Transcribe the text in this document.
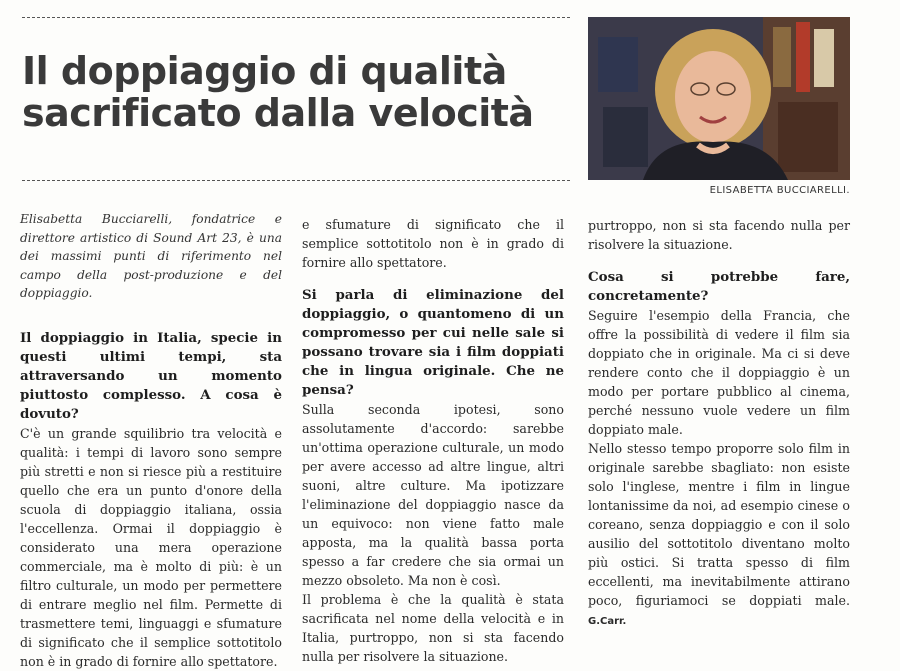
Il doppiaggio di qualità
sacrificato dalla velocità
ELISABETTA BUCCIARELLI.

Elisabetta Bucciarelli, fondatrice e direttore artistico di Sound Art 23, è una dei massimi punti di riferimento nel campo della post-produzione e del doppiaggio.

Il doppiaggio in Italia, specie in questi ultimi tempi, sta attraversando un momento piuttosto complesso. A cosa è dovuto?

C'è un grande squilibrio tra velocità e qualità: i tempi di lavoro sono sempre più stretti e non si riesce più a restituire quello che era un punto d'onore della scuola di doppiaggio italiana, ossia l'eccellenza. Ormai il doppiaggio è considerato una mera operazione commerciale, ma è molto di più: è un filtro culturale, un modo per permettere di entrare meglio nel film. Permette di trasmettere temi, linguaggi e sfumature di significato che il semplice sottotitolo non è in grado di fornire allo spettatore.

e sfumature di significato che il semplice sottotitolo non è in grado di fornire allo spettatore.

Si parla di eliminazione del doppiaggio, o quantomeno di un compromesso per cui nelle sale si possano trovare sia i film doppiati che in lingua originale. Che ne pensa?

Sulla seconda ipotesi, sono assolutamente d'accordo: sarebbe un'ottima operazione culturale, un modo per avere accesso ad altre lingue, altri suoni, altre culture. Ma ipotizzare l'eliminazione del doppiaggio nasce da un equivoco: non viene fatto male apposta, ma la qualità bassa porta spesso a far credere che sia ormai un mezzo obsoleto. Ma non è così.

Il problema è che la qualità è stata sacrificata nel nome della velocità e in Italia, purtroppo, non si sta facendo nulla per risolvere la situazione.

purtroppo, non si sta facendo nulla per risolvere la situazione.

Cosa si potrebbe fare, concretamente?

Seguire l'esempio della Francia, che offre la possibilità di vedere il film sia doppiato che in originale. Ma ci si deve rendere conto che il doppiaggio è un modo per portare pubblico al cinema, perché nessuno vuole vedere un film doppiato male.

Nello stesso tempo proporre solo film in originale sarebbe sbagliato: non esiste solo l'inglese, mentre i film in lingue lontanissime da noi, ad esempio cinese o coreano, senza doppiaggio e con il solo ausilio del sottotitolo diventano molto più ostici. Si tratta spesso di film eccellenti, ma inevitabilmente attirano poco, figuriamoci se doppiati male. G.Carr.
